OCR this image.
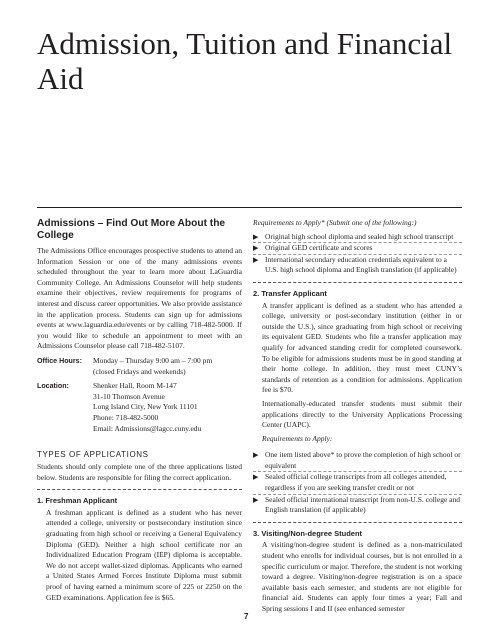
Admission, Tuition and Financial Aid
Admissions – Find Out More About the College

The Admissions Office encourages prospective students to attend an Information Session or one of the many admissions events scheduled throughout the year to learn more about LaGuardia Community College. An Admissions Counselor will help students examine their objectives, review requirements for programs of interest and discuss career opportunities. We also provide assistance in the application process. Students can sign up for admissions events at www.laguardia.edu/events or by calling 718-482-5000. If you would like to schedule an appointment to meet with an Admissions Counselor please call 718-482-5107.

Office Hours:	Monday – Thursday 9:00 am – 7:00 pm
(closed Fridays and weekends)
Location:	Shenker Hall, Room M-147
31-10 Thomson Avenue
Long Island City, New York 11101
Phone: 718-482-5000
Email: Admissions@lagcc.cuny.edu
TYPES OF APPLICATIONS

Students should only complete one of the three applications listed below. Students are responsible for filing the correct application.

1. Freshman Applicant

A freshman applicant is defined as a student who has never attended a college, university or postsecondary institution since graduating from high school or receiving a General Equivalency Diploma (GED). Neither a high school certificate nor an Individualized Education Program (IEP) diploma is acceptable. We do not accept wallet-sized diplomas. Applicants who earned a United States Armed Forces Institute Diploma must submit proof of having earned a minimum score of 225 or 2250 on the GED examinations. Application fee is $65.

Requirements to Apply* (Submit one of the following:)

▶ Original high school diploma and sealed high school transcript
▶ Original GED certificate and scores
▶ International secondary education credentials equivalent to a U.S. high school diploma and English translation (if applicable)
2. Transfer Applicant

A transfer applicant is defined as a student who has attended a college, university or post-secondary institution (either in or outside the U.S.), since graduating from high school or receiving its equivalent GED. Students who file a transfer application may qualify for advanced standing credit for completed coursework. To be eligible for admissions students must be in good standing at their home college. In addition, they must meet CUNY’s standards of retention as a condition for admissions. Application fee is $70.

Internationally-educated transfer students must submit their applications directly to the University Applications Processing Center (UAPC).

Requirements to Apply:

▶ One item listed above* to prove the completion of high school or equivalent
▶ Sealed official college transcripts from all colleges attended, regardless if you are seeking transfer credit or not
▶ Sealed official international transcript from non-U.S. college and English translation (if applicable)
3. Visiting/Non-degree Student

A visiting/non-degree student is defined as a non-matriculated student who enrolls for individual courses, but is not enrolled in a specific curriculum or major. Therefore, the student is not working toward a degree. Visiting/non-degree registration is on a space available basis each semester, and students are not eligible for financial aid. Students can apply four times a year; Fall and Spring sessions I and II (see enhanced semester

7
